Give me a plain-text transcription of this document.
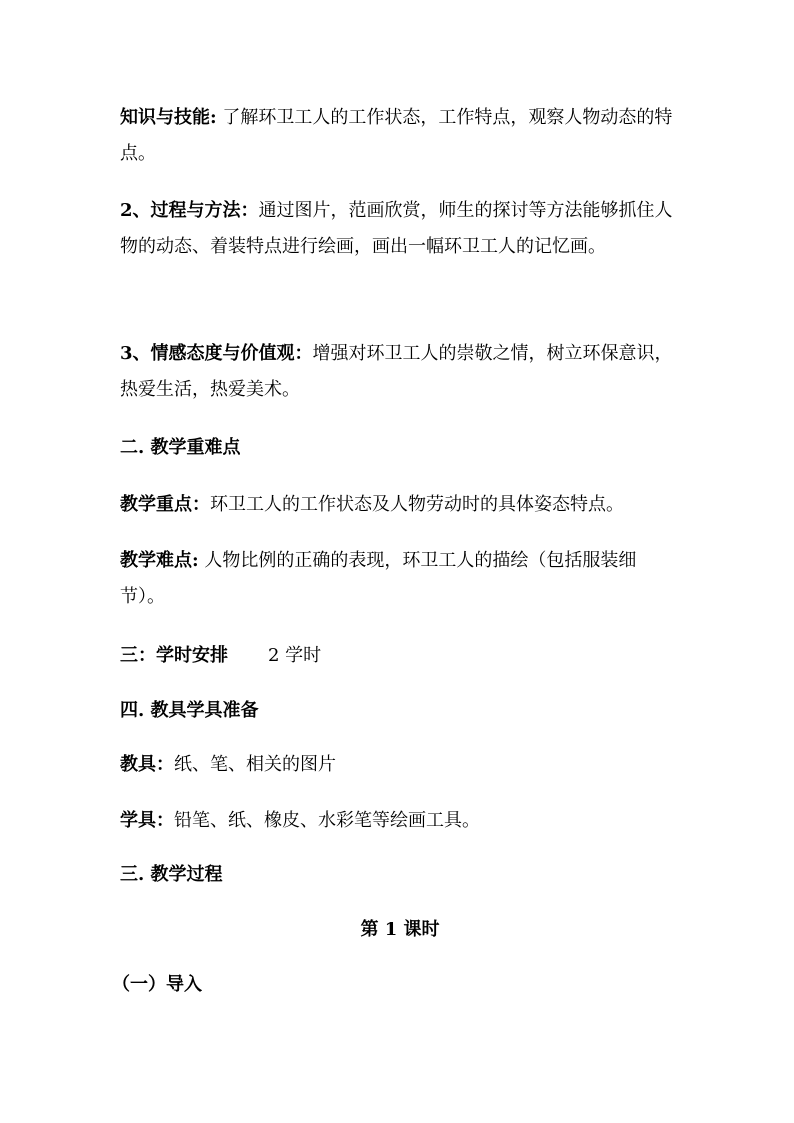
知识与技能: 了解环卫工人的工作状态，工作特点，观察人物动态的特点。

2、过程与方法：通过图片，范画欣赏，师生的探讨等方法能够抓住人物的动态、着装特点进行绘画，画出一幅环卫工人的记忆画。

3、情感态度与价值观：增强对环卫工人的崇敬之情，树立环保意识，热爱生活，热爱美术。

二. 教学重难点

教学重点：环卫工人的工作状态及人物劳动时的具体姿态特点。

教学难点: 人物比例的正确的表现，环卫工人的描绘（包括服装细节）。

三：学时安排 2 学时

四. 教具学具准备

教具：纸、笔、相关的图片

学具：铅笔、纸、橡皮、水彩笔等绘画工具。

三. 教学过程

第 1 课时

（一）导入
